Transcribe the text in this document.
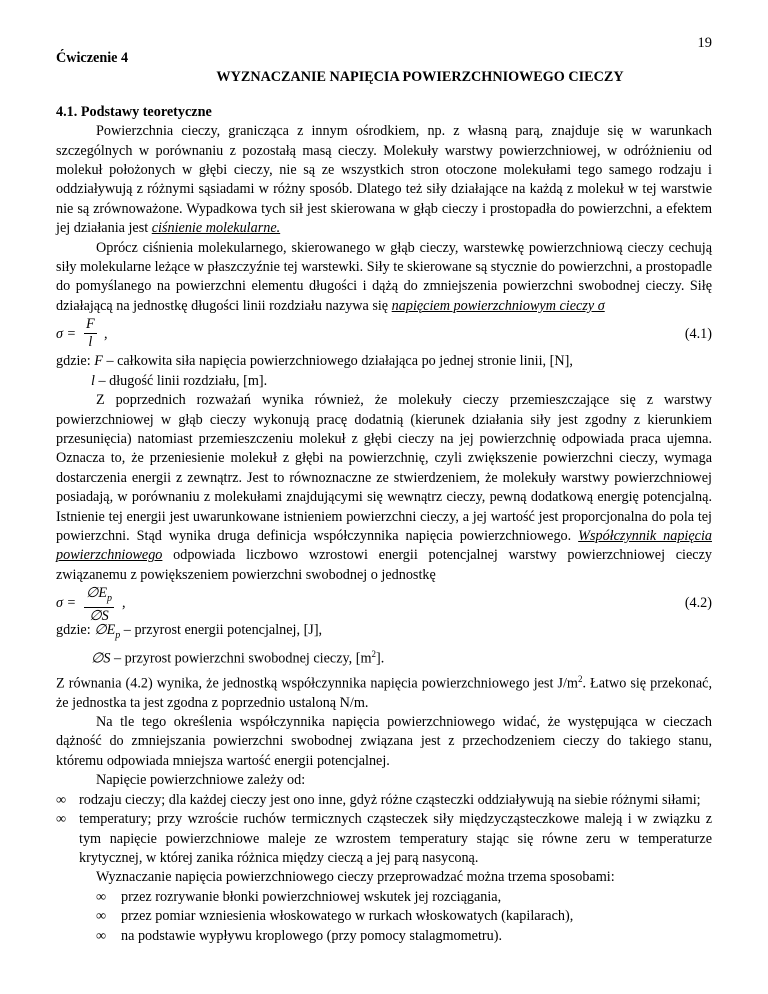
19

Ćwiczenie 4

WYZNACZANIE NAPIĘCIA POWIERZCHNIOWEGO CIECZY

4.1. Podstawy teoretyczne

Powierzchnia cieczy, granicząca z innym ośrodkiem, np. z własną parą, znajduje się w warunkach szczególnych w porównaniu z pozostałą masą cieczy. Molekuły warstwy powierzchniowej, w odróżnieniu od molekuł położonych w głębi cieczy, nie są ze wszystkich stron otoczone molekułami tego samego rodzaju i oddziaływują z różnymi sąsiadami w różny sposób. Dlatego też siły działające na każdą z molekuł w tej warstwie nie są zrównoważone. Wypadkowa tych sił jest skierowana w głąb cieczy i prostopadła do powierzchni, a efektem jej działania jest ciśnienie molekularne.

Oprócz ciśnienia molekularnego, skierowanego w głąb cieczy, warstewkę powierzchniową cieczy cechują siły molekularne leżące w płaszczyźnie tej warstewki. Siły te skierowane są stycznie do powierzchni, a prostopadle do pomyślanego na powierzchni elementu długości i dążą do zmniejszenia powierzchni swobodnej cieczy. Siłę działającą na jednostkę długości linii rozdziału nazywa się napięciem powierzchniowym cieczy σ

$\sigma = \frac{F}{l}$ ,	(4.1)

gdzie: F – całkowita siła napięcia powierzchniowego działająca po jednej stronie linii, [N],

l – długość linii rozdziału, [m].

Z poprzednich rozważań wynika również, że molekuły cieczy przemieszczające się z warstwy powierzchniowej w głąb cieczy wykonują pracę dodatnią (kierunek działania siły jest zgodny z kierunkiem przesunięcia) natomiast przemieszczeniu molekuł z głębi cieczy na jej powierzchnię odpowiada praca ujemna. Oznacza to, że przeniesienie molekuł z głębi na powierzchnię, czyli zwiększenie powierzchni cieczy, wymaga dostarczenia energii z zewnątrz. Jest to równoznaczne ze stwierdzeniem, że molekuły warstwy powierzchniowej posiadają, w porównaniu z molekułami znajdującymi się wewnątrz cieczy, pewną dodatkową energię potencjalną. Istnienie tej energii jest uwarunkowane istnieniem powierzchni cieczy, a jej wartość jest proporcjonalna do pola tej powierzchni. Stąd wynika druga definicja współczynnika napięcia powierzchniowego. Współczynnik napięcia powierzchniowego odpowiada liczbowo wzrostowi energii potencjalnej warstwy powierzchniowej cieczy związanemu z powiększeniem powierzchni swobodnej o jednostkę

$\sigma = \frac{\emptyset E_p}{\emptyset S}$ ,	(4.2)

gdzie: $\emptyset E_p$ – przyrost energii potencjalnej, [J],

∅S – przyrost powierzchni swobodnej cieczy, $[m^2]$.

Z równania (4.2) wynika, że jednostką współczynnika napięcia powierzchniowego jest $J/m^2$. Łatwo się przekonać, że jednostka ta jest zgodna z poprzednio ustaloną N/m.

Na tle tego określenia współczynnika napięcia powierzchniowego widać, że występująca w cieczach dążność do zmniejszania powierzchni swobodnej związana jest z przechodzeniem cieczy do takiego stanu, któremu odpowiada mniejsza wartość energii potencjalnej.

Napięcie powierzchniowe zależy od:

∞ rodzaju cieczy; dla każdej cieczy jest ono inne, gdyż różne cząsteczki oddziaływują na siebie różnymi siłami;
∞ temperatury; przy wzroście ruchów termicznych cząsteczek siły międzycząsteczkowe maleją i w związku z tym napięcie powierzchniowe maleje ze wzrostem temperatury stając się równe zeru w temperaturze krytycznej, w której zanika różnica między cieczą a jej parą nasyconą.

Wyznaczanie napięcia powierzchniowego cieczy przeprowadzać można trzema sposobami:

∞ przez rozrywanie błonki powierzchniowej wskutek jej rozciągania,
∞ przez pomiar wzniesienia włoskowatego w rurkach włoskowatych (kapilarach),
∞ na podstawie wypływu kroplowego (przy pomocy stalagmometru).
